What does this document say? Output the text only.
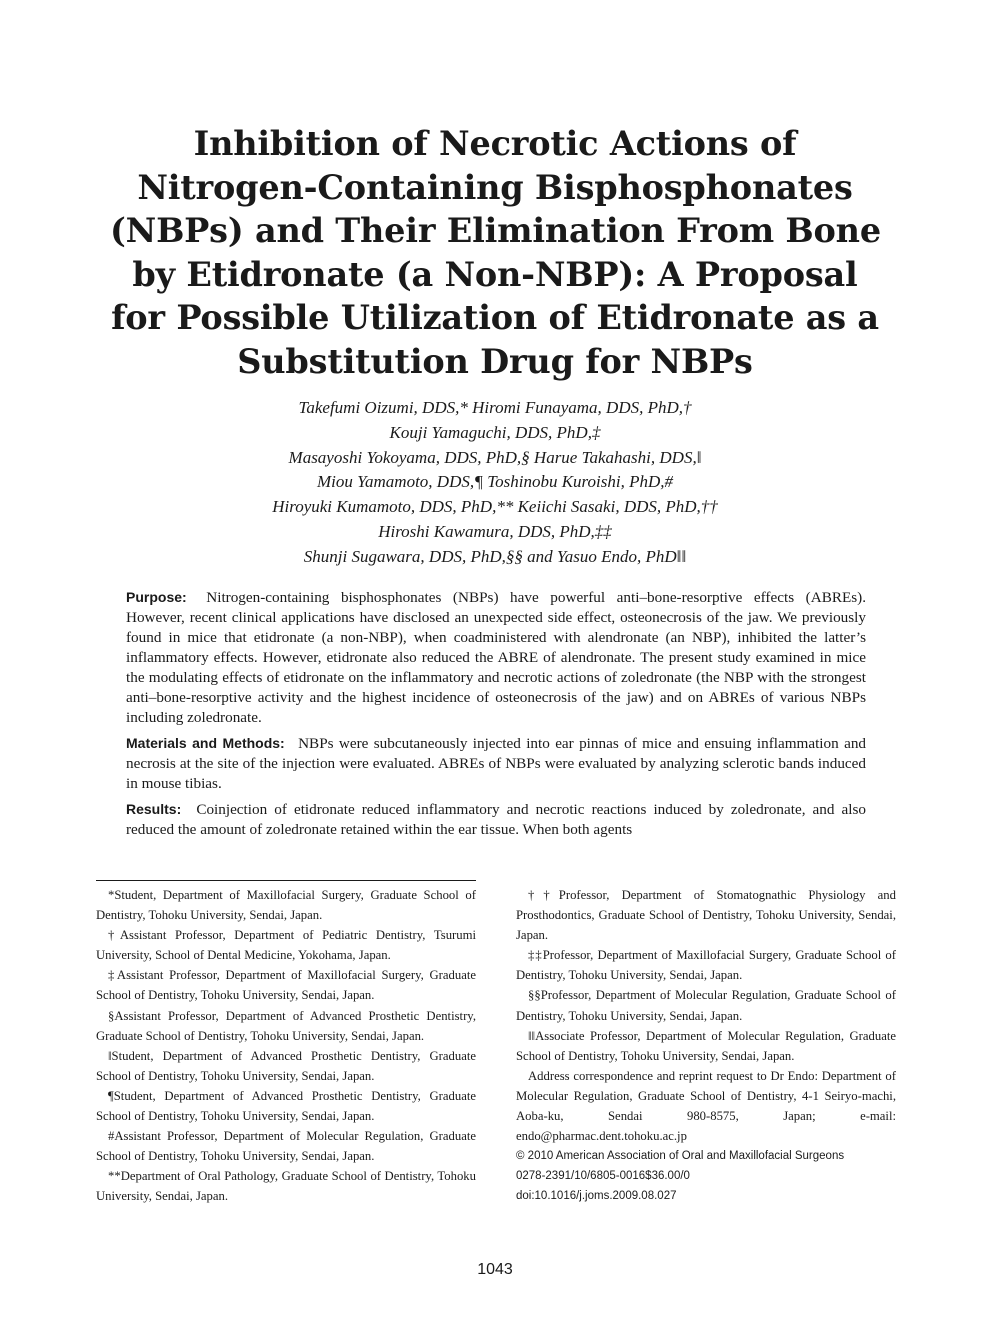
Inhibition of Necrotic Actions of
Nitrogen-Containing Bisphosphonates
(NBPs) and Their Elimination From Bone
by Etidronate (a Non-NBP): A Proposal
for Possible Utilization of Etidronate as a
Substitution Drug for NBPs
Takefumi Oizumi, DDS,* Hiromi Funayama, DDS, PhD,†
Kouji Yamaguchi, DDS, PhD,‡
Masayoshi Yokoyama, DDS, PhD,§ Harue Takahashi, DDS,‖
Miou Yamamoto, DDS,¶ Toshinobu Kuroishi, PhD,#
Hiroyuki Kumamoto, DDS, PhD,** Keiichi Sasaki, DDS, PhD,††
Hiroshi Kawamura, DDS, PhD,‡‡
Shunji Sugawara, DDS, PhD,§§ and Yasuo Endo, PhD‖‖

Purpose: Nitrogen-containing bisphosphonates (NBPs) have powerful anti–bone-resorptive effects (ABREs). However, recent clinical applications have disclosed an unexpected side effect, osteonecrosis of the jaw. We previously found in mice that etidronate (a non-NBP), when coadministered with alendronate (an NBP), inhibited the latter’s inflammatory effects. However, etidronate also reduced the ABRE of alendronate. The present study examined in mice the modulating effects of etidronate on the inflammatory and necrotic actions of zoledronate (the NBP with the strongest anti–bone-resorptive activity and the highest incidence of osteonecrosis of the jaw) and on ABREs of various NBPs including zoledronate.

Materials and Methods: NBPs were subcutaneously injected into ear pinnas of mice and ensuing inflammation and necrosis at the site of the injection were evaluated. ABREs of NBPs were evaluated by analyzing sclerotic bands induced in mouse tibias.

Results: Coinjection of etidronate reduced inflammatory and necrotic reactions induced by zoledronate, and also reduced the amount of zoledronate retained within the ear tissue. When both agents

*Student, Department of Maxillofacial Surgery, Graduate School of Dentistry, Tohoku University, Sendai, Japan.

†Assistant Professor, Department of Pediatric Dentistry, Tsurumi University, School of Dental Medicine, Yokohama, Japan.

‡Assistant Professor, Department of Maxillofacial Surgery, Graduate School of Dentistry, Tohoku University, Sendai, Japan.

§Assistant Professor, Department of Advanced Prosthetic Dentistry, Graduate School of Dentistry, Tohoku University, Sendai, Japan.

‖Student, Department of Advanced Prosthetic Dentistry, Graduate School of Dentistry, Tohoku University, Sendai, Japan.

¶Student, Department of Advanced Prosthetic Dentistry, Graduate School of Dentistry, Tohoku University, Sendai, Japan.

#Assistant Professor, Department of Molecular Regulation, Graduate School of Dentistry, Tohoku University, Sendai, Japan.

**Department of Oral Pathology, Graduate School of Dentistry, Tohoku University, Sendai, Japan.

††Professor, Department of Stomatognathic Physiology and Prosthodontics, Graduate School of Dentistry, Tohoku University, Sendai, Japan.

‡‡Professor, Department of Maxillofacial Surgery, Graduate School of Dentistry, Tohoku University, Sendai, Japan.

§§Professor, Department of Molecular Regulation, Graduate School of Dentistry, Tohoku University, Sendai, Japan.

‖‖Associate Professor, Department of Molecular Regulation, Graduate School of Dentistry, Tohoku University, Sendai, Japan.

Address correspondence and reprint request to Dr Endo: Department of Molecular Regulation, Graduate School of Dentistry, 4-1 Seiryo-machi, Aoba-ku, Sendai 980-8575, Japan; e-mail: endo@pharmac.dent.tohoku.ac.jp

© 2010 American Association of Oral and Maxillofacial Surgeons

0278-2391/10/6805-0016$36.00/0

doi:10.1016/j.joms.2009.08.027

1043
